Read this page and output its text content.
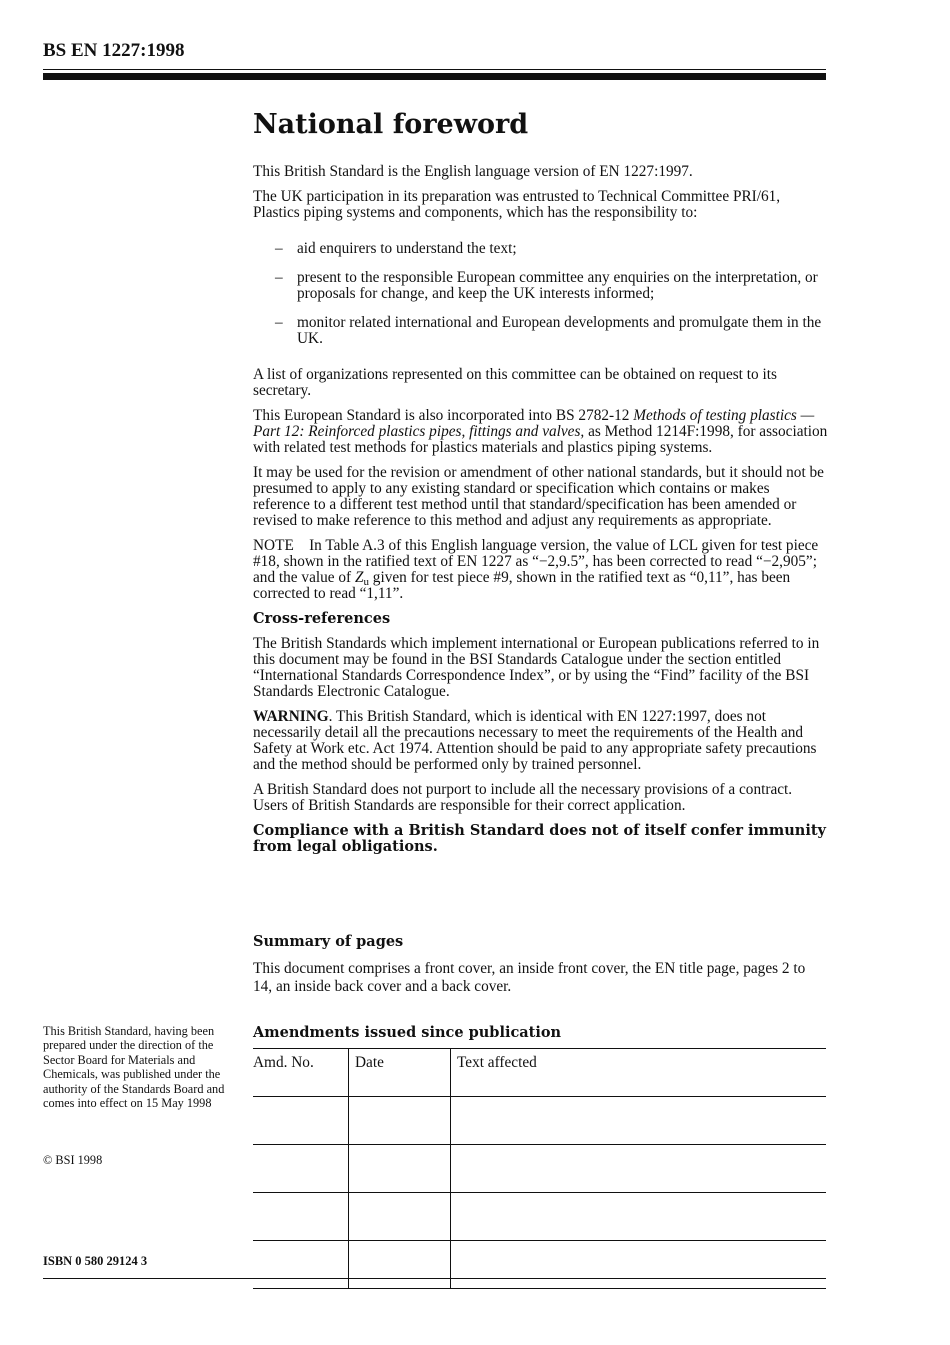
BS EN 1227:1998
National foreword

This British Standard is the English language version of EN 1227:1997.

The UK participation in its preparation was entrusted to Technical Committee PRI/61, Plastics piping systems and components, which has the responsibility to:

– aid enquirers to understand the text;
– present to the responsible European committee any enquiries on the interpretation, or proposals for change, and keep the UK interests informed;
– monitor related international and European developments and promulgate them in the UK.

A list of organizations represented on this committee can be obtained on request to its secretary.

This European Standard is also incorporated into BS 2782-12 Methods of testing plastics — Part 12: Reinforced plastics pipes, fittings and valves, as Method 1214F:1998, for association with related test methods for plastics materials and plastics piping systems.

It may be used for the revision or amendment of other national standards, but it should not be presumed to apply to any existing standard or specification which contains or makes reference to a different test method until that standard/specification has been amended or revised to make reference to this method and adjust any requirements as appropriate.

NOTE In Table A.3 of this English language version, the value of LCL given for test piece #18, shown in the ratified text of EN 1227 as “−2,9.5”, has been corrected to read “−2,905”; and the value of $Z_u$ given for test piece #9, shown in the ratified text as “0,11”, has been corrected to read “1,11”.

Cross-references

The British Standards which implement international or European publications referred to in this document may be found in the BSI Standards Catalogue under the section entitled “International Standards Correspondence Index”, or by using the “Find” facility of the BSI Standards Electronic Catalogue.

WARNING. This British Standard, which is identical with EN 1227:1997, does not necessarily detail all the precautions necessary to meet the requirements of the Health and Safety at Work etc. Act 1974. Attention should be paid to any appropriate safety precautions and the method should be performed only by trained personnel.

A British Standard does not purport to include all the necessary provisions of a contract. Users of British Standards are responsible for their correct application.

Compliance with a British Standard does not of itself confer immunity from legal obligations.

Summary of pages
This document comprises a front cover, an inside front cover, the EN title page, pages 2 to 14, an inside back cover and a back cover.
This British Standard, having been prepared under the direction of the Sector Board for Materials and Chemicals, was published under the authority of the Standards Board and comes into effect on 15 May 1998
© BSI 1998
ISBN 0 580 29124 3
Amendments issued since publication
Amd. No.	Date	Text affected
